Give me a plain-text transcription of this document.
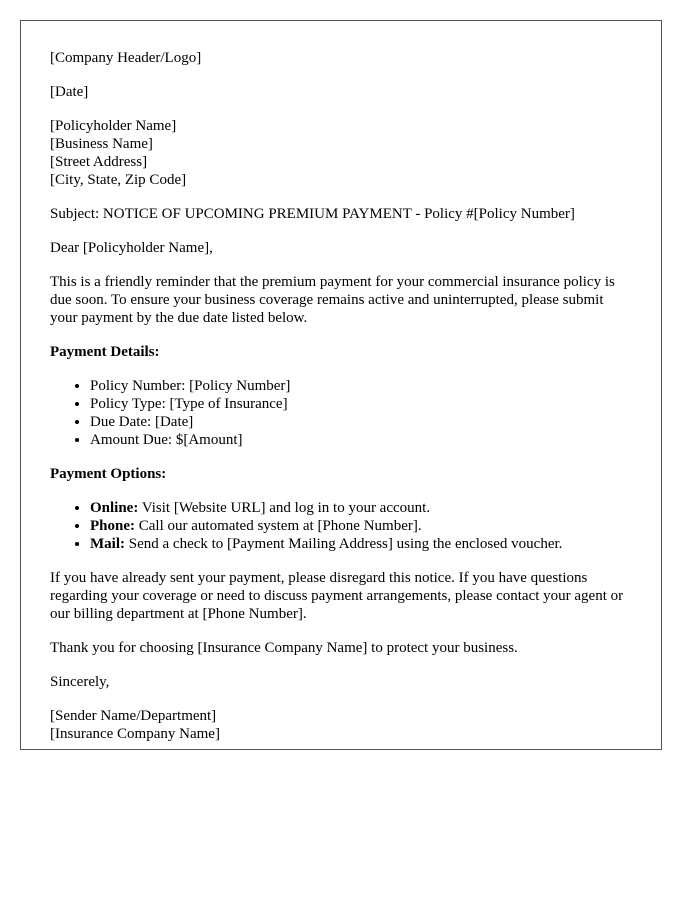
[Company Header/Logo]

[Date]

[Policyholder Name]
[Business Name]
[Street Address]
[City, State, Zip Code]

Subject: NOTICE OF UPCOMING PREMIUM PAYMENT - Policy #[Policy Number]

Dear [Policyholder Name],

This is a friendly reminder that the premium payment for your commercial insurance policy is due soon. To ensure your business coverage remains active and uninterrupted, please submit your payment by the due date listed below.

Payment Details:

• Policy Number: [Policy Number]
• Policy Type: [Type of Insurance]
• Due Date: [Date]
• Amount Due: $[Amount]

Payment Options:

• Online: Visit [Website URL] and log in to your account.
• Phone: Call our automated system at [Phone Number].
• Mail: Send a check to [Payment Mailing Address] using the enclosed voucher.

If you have already sent your payment, please disregard this notice. If you have questions regarding your coverage or need to discuss payment arrangements, please contact your agent or our billing department at [Phone Number].

Thank you for choosing [Insurance Company Name] to protect your business.

Sincerely,

[Sender Name/Department]
[Insurance Company Name]
